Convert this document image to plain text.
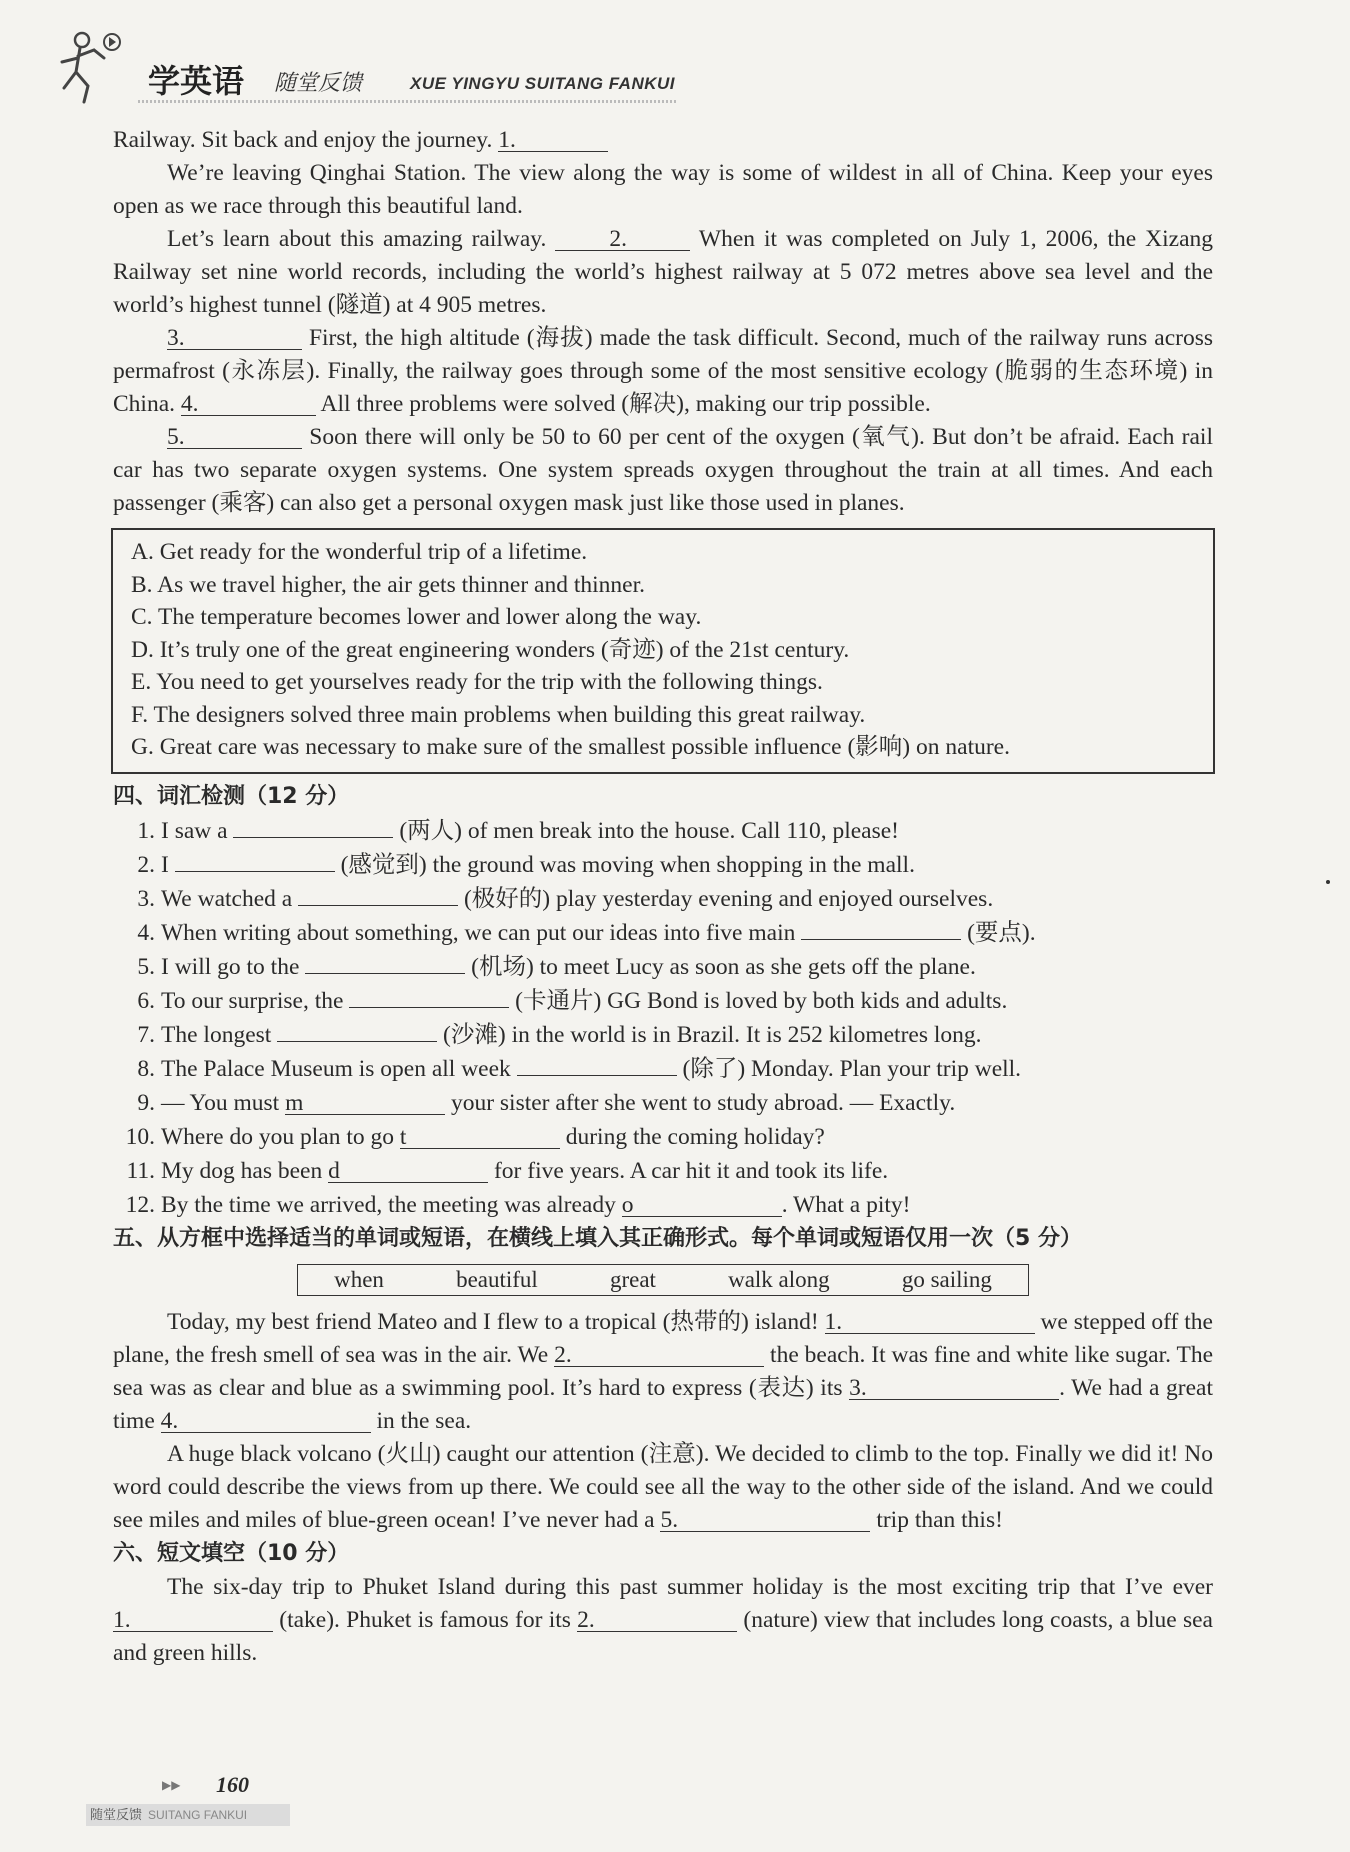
学英语 随堂反馈	XUE YINGYU SUITANG FANKUI

Railway. Sit back and enjoy the journey. 1.

We’re leaving Qinghai Station. The view along the way is some of wildest in all of China. Keep your eyes open as we race through this beautiful land.

Let’s learn about this amazing railway. 2.	When it was completed on July 1, 2006, the Xizang Railway set nine world records, including the world’s highest railway at 5 072 metres above sea level and the world’s highest tunnel (隧道) at 4 905 metres.

3.	First, the high altitude (海拔) made the task difficult. Second, much of the railway runs across permafrost (永冻层). Finally, the railway goes through some of the most sensitive ecology (脆弱的生态环境) in China. 4.	All three problems were solved (解决), making our trip possible.

5.	Soon there will only be 50 to 60 per cent of the oxygen (氧气). But don’t be afraid. Each rail car has two separate oxygen systems. One system spreads oxygen throughout the train at all times. And each passenger (乘客) can also get a personal oxygen mask just like those used in planes.

A. Get ready for the wonderful trip of a lifetime.
B. As we travel higher, the air gets thinner and thinner.
C. The temperature becomes lower and lower along the way.
D. It’s truly one of the great engineering wonders (奇迹) of the 21st century.
E. You need to get yourselves ready for the trip with the following things.
F. The designers solved three main problems when building this great railway.
G. Great care was necessary to make sure of the smallest possible influence (影响) on nature.
四、词汇检测（12 分）
1. I saw a	(两人) of men break into the house. Call 110, please!
2. I	(感觉到) the ground was moving when shopping in the mall.
3. We watched a	(极好的) play yesterday evening and enjoyed ourselves.
4. When writing about something, we can put our ideas into five main	(要点).
5. I will go to the	(机场) to meet Lucy as soon as she gets off the plane.
6. To our surprise, the	(卡通片) GG Bond is loved by both kids and adults.
7. The longest	(沙滩) in the world is in Brazil. It is 252 kilometres long.
8. The Palace Museum is open all week	(除了) Monday. Plan your trip well.
9. — You must m	your sister after she went to study abroad. — Exactly.
10. Where do you plan to go t	during the coming holiday?
11. My dog has been d	for five years. A car hit it and took its life.
12. By the time we arrived, the meeting was already o	. What a pity!
五、从方框中选择适当的单词或短语，在横线上填入其正确形式。每个单词或短语仅用一次（5 分）
when	beautiful	great	walk along	go sailing

Today, my best friend Mateo and I flew to a tropical (热带的) island! 1.	we stepped off the plane, the fresh smell of sea was in the air. We 2.	the beach. It was fine and white like sugar. The sea was as clear and blue as a swimming pool. It’s hard to express (表达) its 3.	. We had a great time 4.	in the sea.

A huge black volcano (火山) caught our attention (注意). We decided to climb to the top. Finally we did it! No word could describe the views from up there. We could see all the way to the other side of the island. And we could see miles and miles of blue-green ocean! I’ve never had a 5.	trip than this!

六、短文填空（10 分）

The six-day trip to Phuket Island during this past summer holiday is the most exciting trip that I’ve ever 1.	(take). Phuket is famous for its 2.	(nature) view that includes long coasts, a blue sea and green hills.

▶▶ 160
随堂反馈 SUITANG FANKUI
